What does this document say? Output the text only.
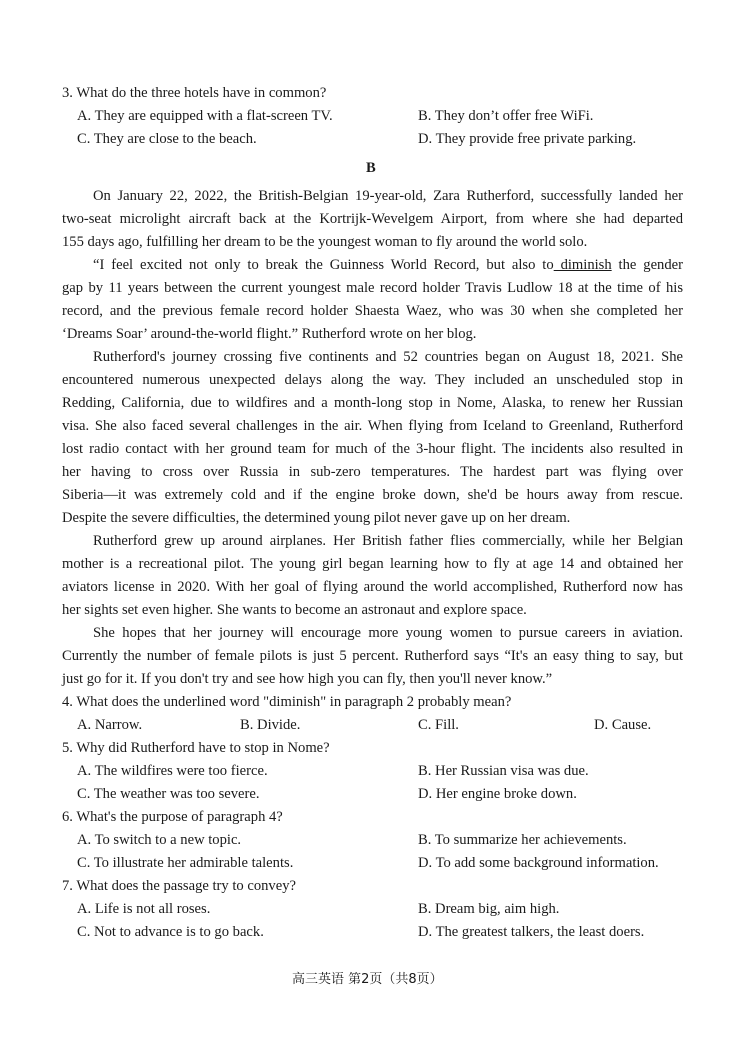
3. What do the three hotels have in common?
A. They are equipped with a flat-screen TV.	B. They don’t offer free WiFi.
C. They are close to the beach.	D. They provide free private parking.
B
On January 22, 2022, the British-Belgian 19-year-old, Zara Rutherford, successfully landed her
two-seat microlight aircraft back at the Kortrijk-Wevelgem Airport, from where she had departed
155 days ago, fulfilling her dream to be the youngest woman to fly around the world solo.
“I feel excited not only to break the Guinness World Record, but also to diminish the gender
gap by 11 years between the current youngest male record holder Travis Ludlow 18 at the time of his
record, and the previous female record holder Shaesta Waez, who was 30 when she completed her
‘Dreams Soar’ around-the-world flight.” Rutherford wrote on her blog.
Rutherford's journey crossing five continents and 52 countries began on August 18, 2021. She
encountered numerous unexpected delays along the way. They included an unscheduled stop in
Redding, California, due to wildfires and a month-long stop in Nome, Alaska, to renew her Russian
visa. She also faced several challenges in the air. When flying from Iceland to Greenland, Rutherford
lost radio contact with her ground team for much of the 3-hour flight. The incidents also resulted in
her having to cross over Russia in sub-zero temperatures. The hardest part was flying over
Siberia—it was extremely cold and if the engine broke down, she'd be hours away from rescue.
Despite the severe difficulties, the determined young pilot never gave up on her dream.
Rutherford grew up around airplanes. Her British father flies commercially, while her Belgian
mother is a recreational pilot. The young girl began learning how to fly at age 14 and obtained her
aviators license in 2020. With her goal of flying around the world accomplished, Rutherford now has
her sights set even higher. She wants to become an astronaut and explore space.
She hopes that her journey will encourage more young women to pursue careers in aviation.
Currently the number of female pilots is just 5 percent. Rutherford says “It's an easy thing to say, but
just go for it. If you don't try and see how high you can fly, then you'll never know.”
4. What does the underlined word "diminish" in paragraph 2 probably mean?
A. Narrow.	B. Divide.	C. Fill.	D. Cause.
5. Why did Rutherford have to stop in Nome?
A. The wildfires were too fierce.	B. Her Russian visa was due.
C. The weather was too severe.	D. Her engine broke down.
6. What's the purpose of paragraph 4?
A. To switch to a new topic.	B. To summarize her achievements.
C. To illustrate her admirable talents.	D. To add some background information.
7. What does the passage try to convey?
A. Life is not all roses.	B. Dream big, aim high.
C. Not to advance is to go back.	D. The greatest talkers, the least doers.
高三英语 第2页（共8页）
